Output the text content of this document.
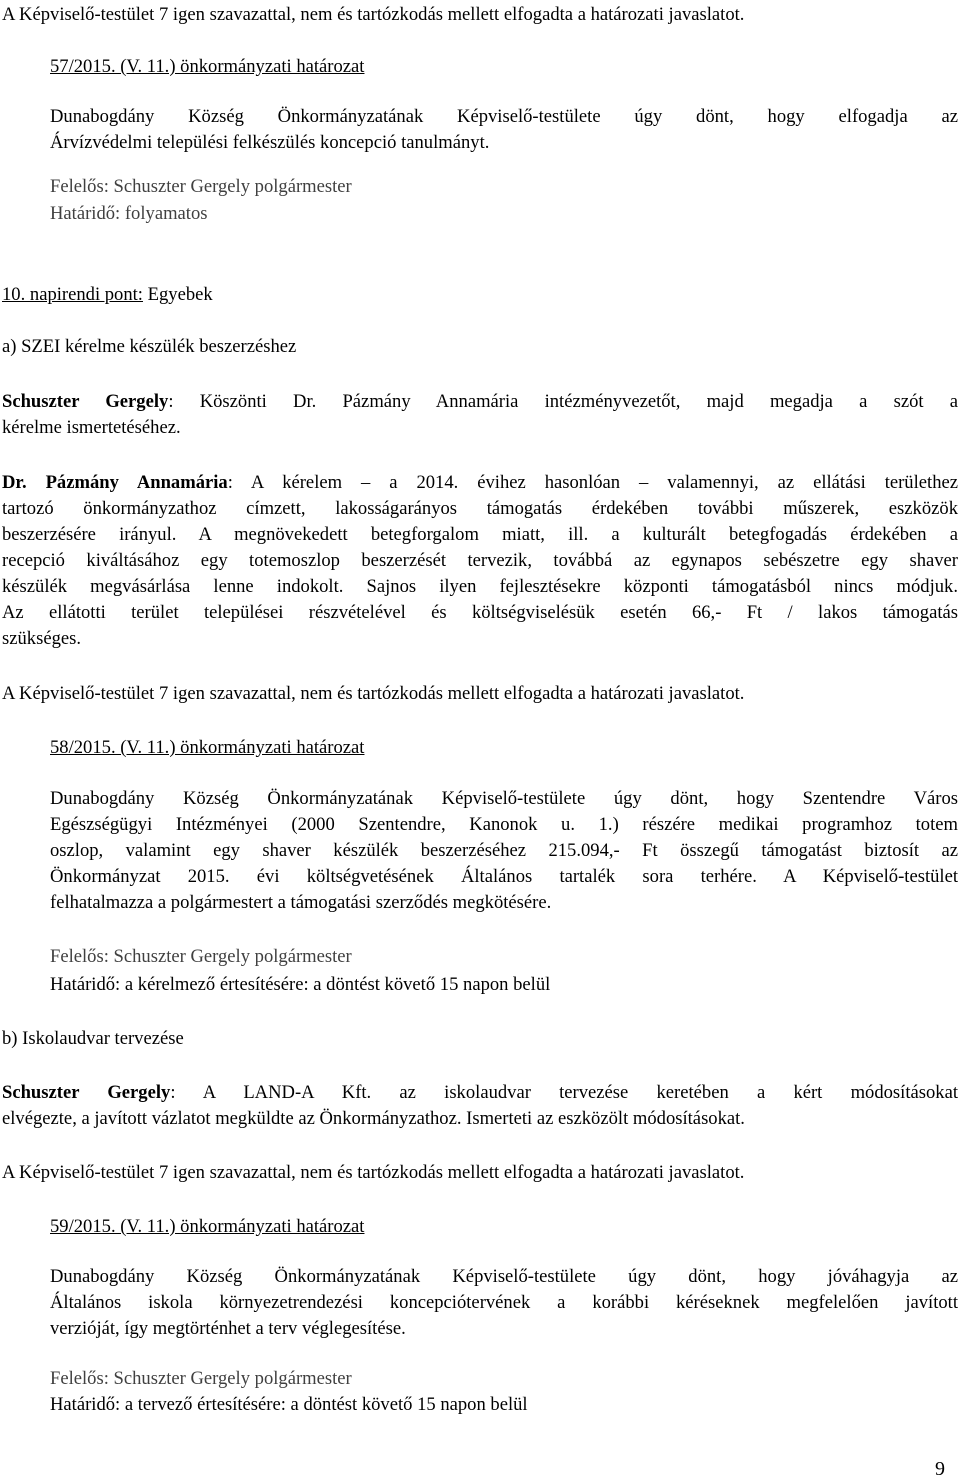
A Képviselő-testület 7 igen szavazattal, nem és tartózkodás mellett elfogadta a határozati javaslatot.
57/2015. (V. 11.) önkormányzati határozat
Dunabogdány Község Önkormányzatának Képviselő-testülete úgy dönt, hogy elfogadja az
Árvízvédelmi települési felkészülés koncepció tanulmányt.
Felelős: Schuszter Gergely polgármester
Határidő: folyamatos
10. napirendi pont: Egyebek
a) SZEI kérelme készülék beszerzéshez
Schuszter Gergely: Köszönti Dr. Pázmány Annamária intézményvezetőt, majd megadja a szót a
kérelme ismertetéséhez.
Dr. Pázmány Annamária: A kérelem – a 2014. évihez hasonlóan – valamennyi, az ellátási területhez
tartozó önkormányzathoz címzett, lakosságarányos támogatás érdekében további műszerek, eszközök
beszerzésére irányul. A megnövekedett betegforgalom miatt, ill. a kulturált betegfogadás érdekében a
recepció kiváltásához egy totemoszlop beszerzését tervezik, továbbá az egynapos sebészetre egy shaver
készülék megvásárlása lenne indokolt. Sajnos ilyen fejlesztésekre központi támogatásból nincs módjuk.
Az ellátotti terület települései részvételével és költségviselésük esetén 66,- Ft / lakos támogatás
szükséges.
A Képviselő-testület 7 igen szavazattal, nem és tartózkodás mellett elfogadta a határozati javaslatot.
58/2015. (V. 11.) önkormányzati határozat
Dunabogdány Község Önkormányzatának Képviselő-testülete úgy dönt, hogy Szentendre Város
Egészségügyi Intézményei (2000 Szentendre, Kanonok u. 1.) részére medikai programhoz totem
oszlop, valamint egy shaver készülék beszerzéséhez 215.094,- Ft összegű támogatást biztosít az
Önkormányzat 2015. évi költségvetésének Általános tartalék sora terhére. A Képviselő-testület
felhatalmazza a polgármestert a támogatási szerződés megkötésére.
Felelős: Schuszter Gergely polgármester
Határidő: a kérelmező értesítésére: a döntést követő 15 napon belül
b) Iskolaudvar tervezése
Schuszter Gergely: A LAND-A Kft. az iskolaudvar tervezése keretében a kért módosításokat
elvégezte, a javított vázlatot megküldte az Önkormányzathoz. Ismerteti az eszközölt módosításokat.
A Képviselő-testület 7 igen szavazattal, nem és tartózkodás mellett elfogadta a határozati javaslatot.
59/2015. (V. 11.) önkormányzati határozat
Dunabogdány Község Önkormányzatának Képviselő-testülete úgy dönt, hogy jóváhagyja az
Általános iskola környezetrendezési koncepciótervének a korábbi kéréseknek megfelelően javított
verzióját, így megtörténhet a terv véglegesítése.
Felelős: Schuszter Gergely polgármester
Határidő: a tervező értesítésére: a döntést követő 15 napon belül
9
